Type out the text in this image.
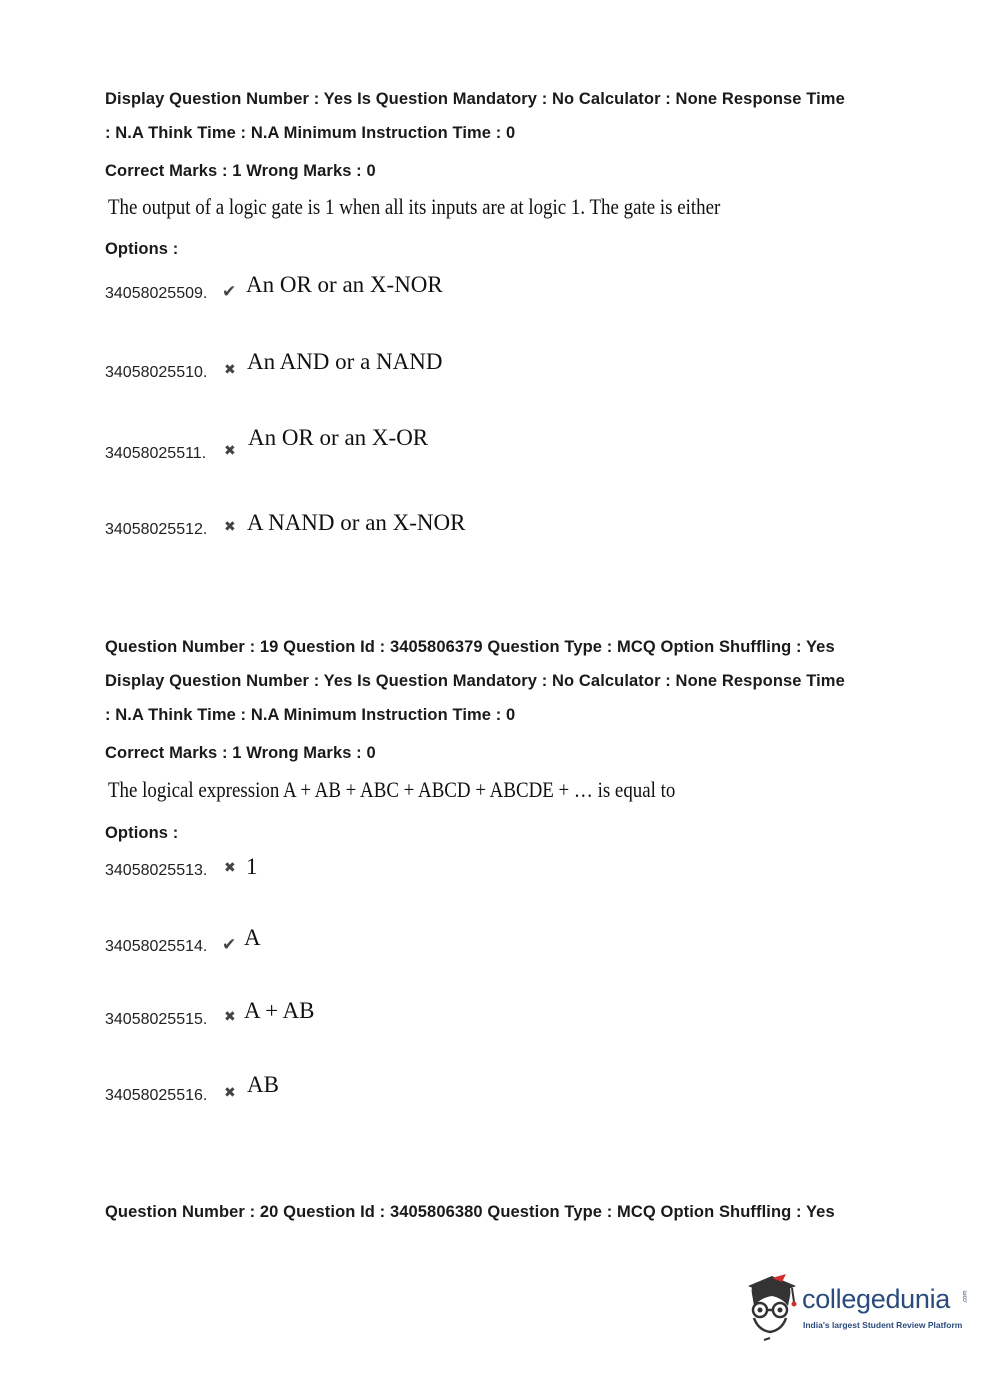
Display Question Number : Yes Is Question Mandatory : No Calculator : None Response Time
: N.A Think Time : N.A Minimum Instruction Time : 0
Correct Marks : 1 Wrong Marks : 0
The output of a logic gate is 1 when all its inputs are at logic 1. The gate is either
Options :
34058025509. ✔ An OR or an X-NOR
34058025510. ✖ An AND or a NAND
34058025511. ✖
An OR or an X-OR
34058025512. ✖ A NAND or an X-NOR
Question Number : 19 Question Id : 3405806379 Question Type : MCQ Option Shuffling : Yes
Display Question Number : Yes Is Question Mandatory : No Calculator : None Response Time
: N.A Think Time : N.A Minimum Instruction Time : 0
Correct Marks : 1 Wrong Marks : 0
The logical expression A + AB + ABC + ABCD + ABCDE + … is equal to
Options :
34058025513. ✖ 1
34058025514. ✔ A
34058025515. ✖ A + AB
34058025516. ✖ AB
Question Number : 20 Question Id : 3405806380 Question Type : MCQ Option Shuffling : Yes
collegedunia .com
India's largest Student Review Platform
